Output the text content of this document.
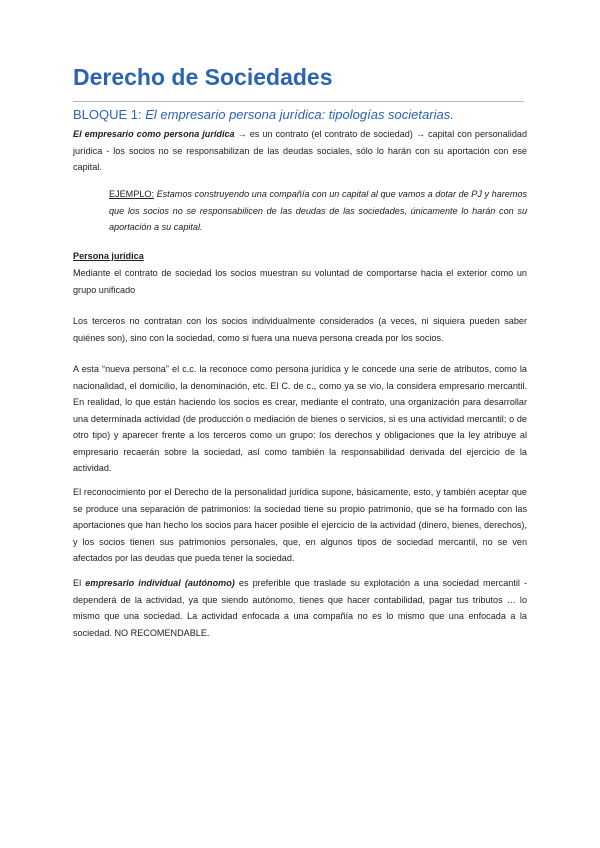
Derecho de Sociedades
BLOQUE 1: El empresario persona jurídica: tipologías societarias.
El empresario como persona jurídica → es un contrato (el contrato de sociedad) → capital con personalidad jurídica - los socios no se responsabilizan de las deudas sociales, sólo lo harán con su aportación con ese capital.
EJEMPLO: Estamos construyendo una compañía con un capital al que vamos a dotar de PJ y haremos que los socios no se responsabilicen de las deudas de las sociedades, únicamente lo harán con su aportación a su capital.
Persona jurídica
Mediante el contrato de sociedad los socios muestran su voluntad de comportarse hacia el exterior como un grupo unificado
Los terceros no contratan con los socios individualmente considerados (a veces, ni siquiera pueden saber quiénes son), sino con la sociedad, como si fuera una nueva persona creada por los socios.
A esta “nueva persona” el c.c. la reconoce como persona jurídica y le concede una serie de atributos, como la nacionalidad, el domicilio, la denominación, etc. El C. de c., como ya se vio, la considera empresario mercantil. En realidad, lo que están haciendo los socios es crear, mediante el contrato, una organización para desarrollar una determinada actividad (de producción o mediación de bienes o servicios, si es una actividad mercantil; o de otro tipo) y aparecer frente a los terceros como un grupo: los derechos y obligaciones que la ley atribuye al empresario recaerán sobre la sociedad, así como también la responsabilidad derivada del ejercicio de la actividad.
El reconocimiento por el Derecho de la personalidad jurídica supone, básicamente, esto, y también aceptar que se produce una separación de patrimonios: la sociedad tiene su propio patrimonio, que se ha formado con las aportaciones que han hecho los socios para hacer posible el ejercicio de la actividad (dinero, bienes, derechos), y los socios tienen sus patrimonios personales, que, en algunos tipos de sociedad mercantil, no se ven afectados por las deudas que pueda tener la sociedad.
El empresario individual (autónomo) es preferible que traslade su explotación a una sociedad mercantil - dependerá de la actividad, ya que siendo autónomo, tienes que hacer contabilidad, pagar tus tributos … lo mismo que una sociedad. La actividad enfocada a una compañía no es lo mismo que una enfocada a la sociedad. NO RECOMENDABLE.
